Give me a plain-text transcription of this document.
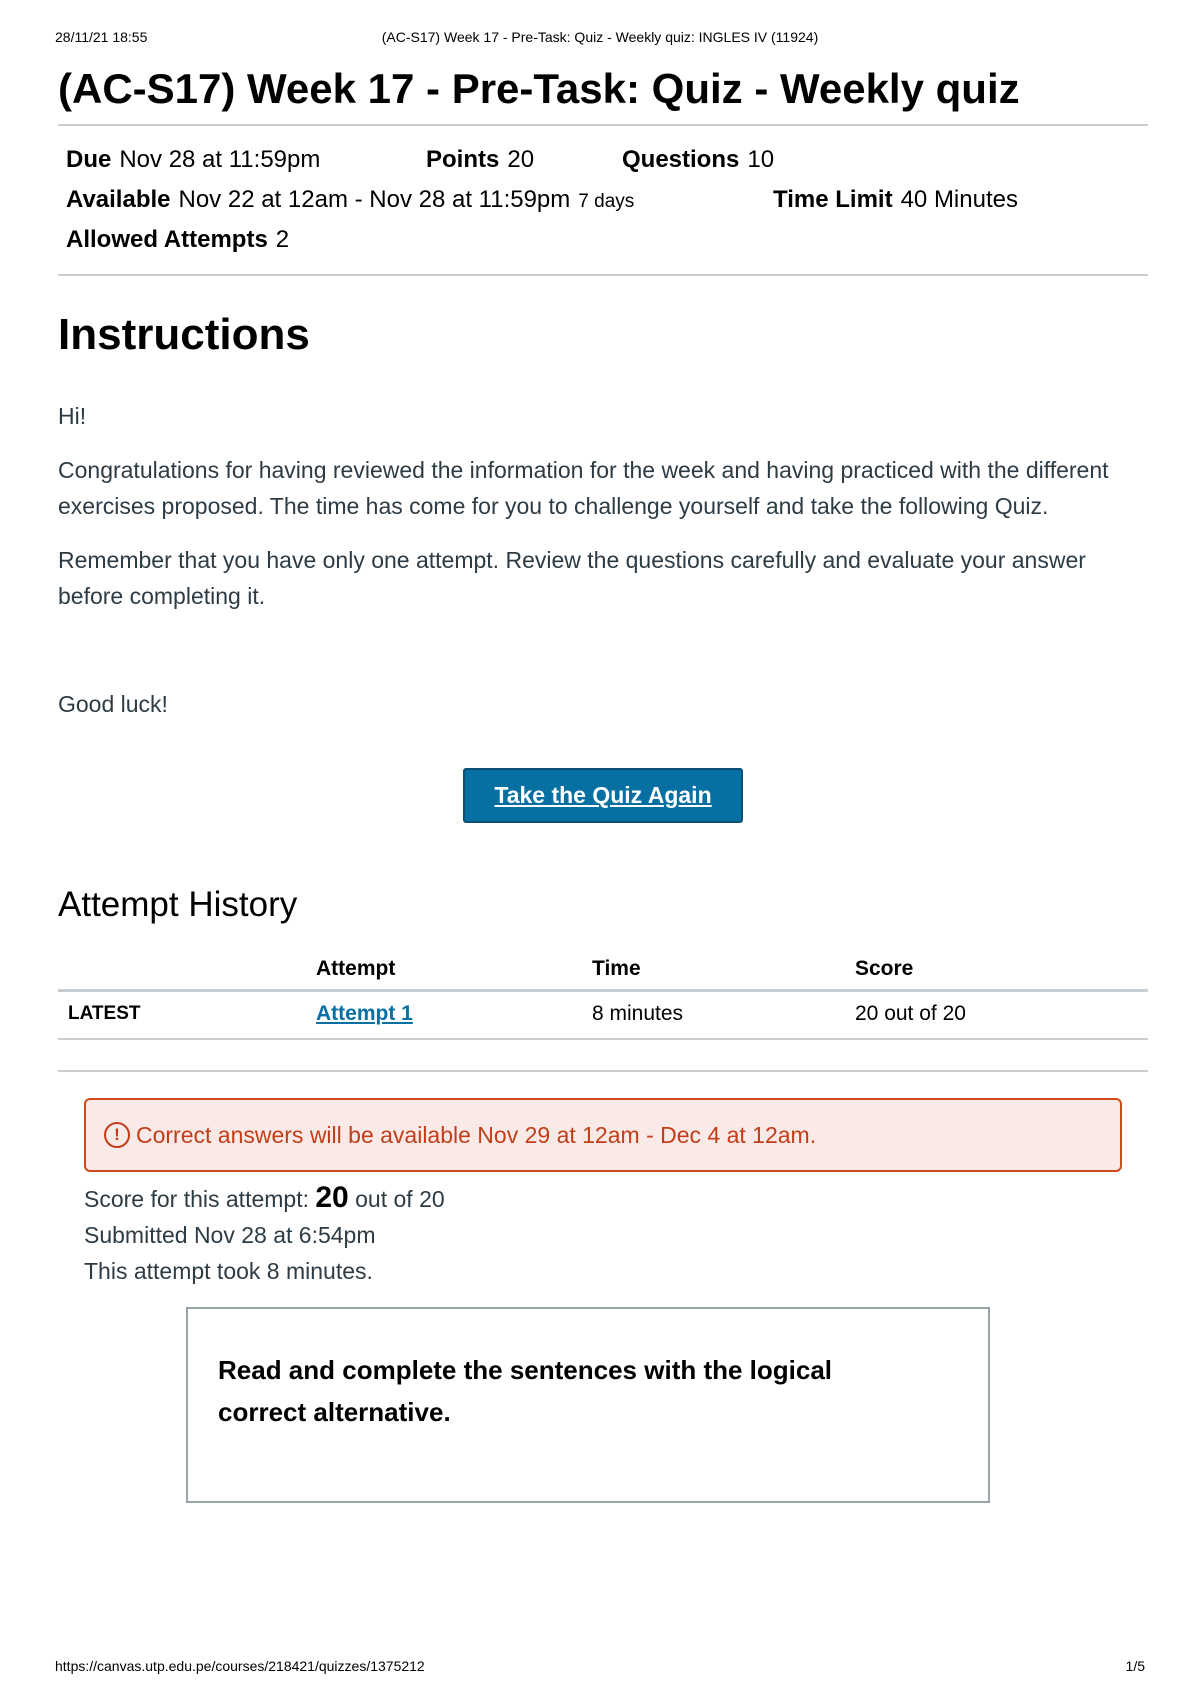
28/11/21 18:55	(AC-S17) Week 17 - Pre-Task: Quiz - Weekly quiz: INGLES IV (11924)
(AC-S17) Week 17 - Pre-Task: Quiz - Weekly quiz
Due Nov 28 at 11:59pm	Points 20	Questions 10
Available Nov 22 at 12am - Nov 28 at 11:59pm 7 days	Time Limit 40 Minutes
Allowed Attempts 2
Instructions

Hi!

Congratulations for having reviewed the information for the week and having practiced with the different exercises proposed. The time has come for you to challenge yourself and take the following Quiz.

Remember that you have only one attempt. Review the questions carefully and evaluate your answer before completing it.

Good luck!

Take the Quiz Again
Attempt History
	Attempt	Time	Score
LATEST	Attempt 1	8 minutes	20 out of 20
! Correct answers will be available Nov 29 at 12am - Dec 4 at 12am.
Score for this attempt: 20 out of 20
Submitted Nov 28 at 6:54pm
This attempt took 8 minutes.
Read and complete the sentences with the logical correct alternative.
https://canvas.utp.edu.pe/courses/218421/quizzes/1375212	1/5
